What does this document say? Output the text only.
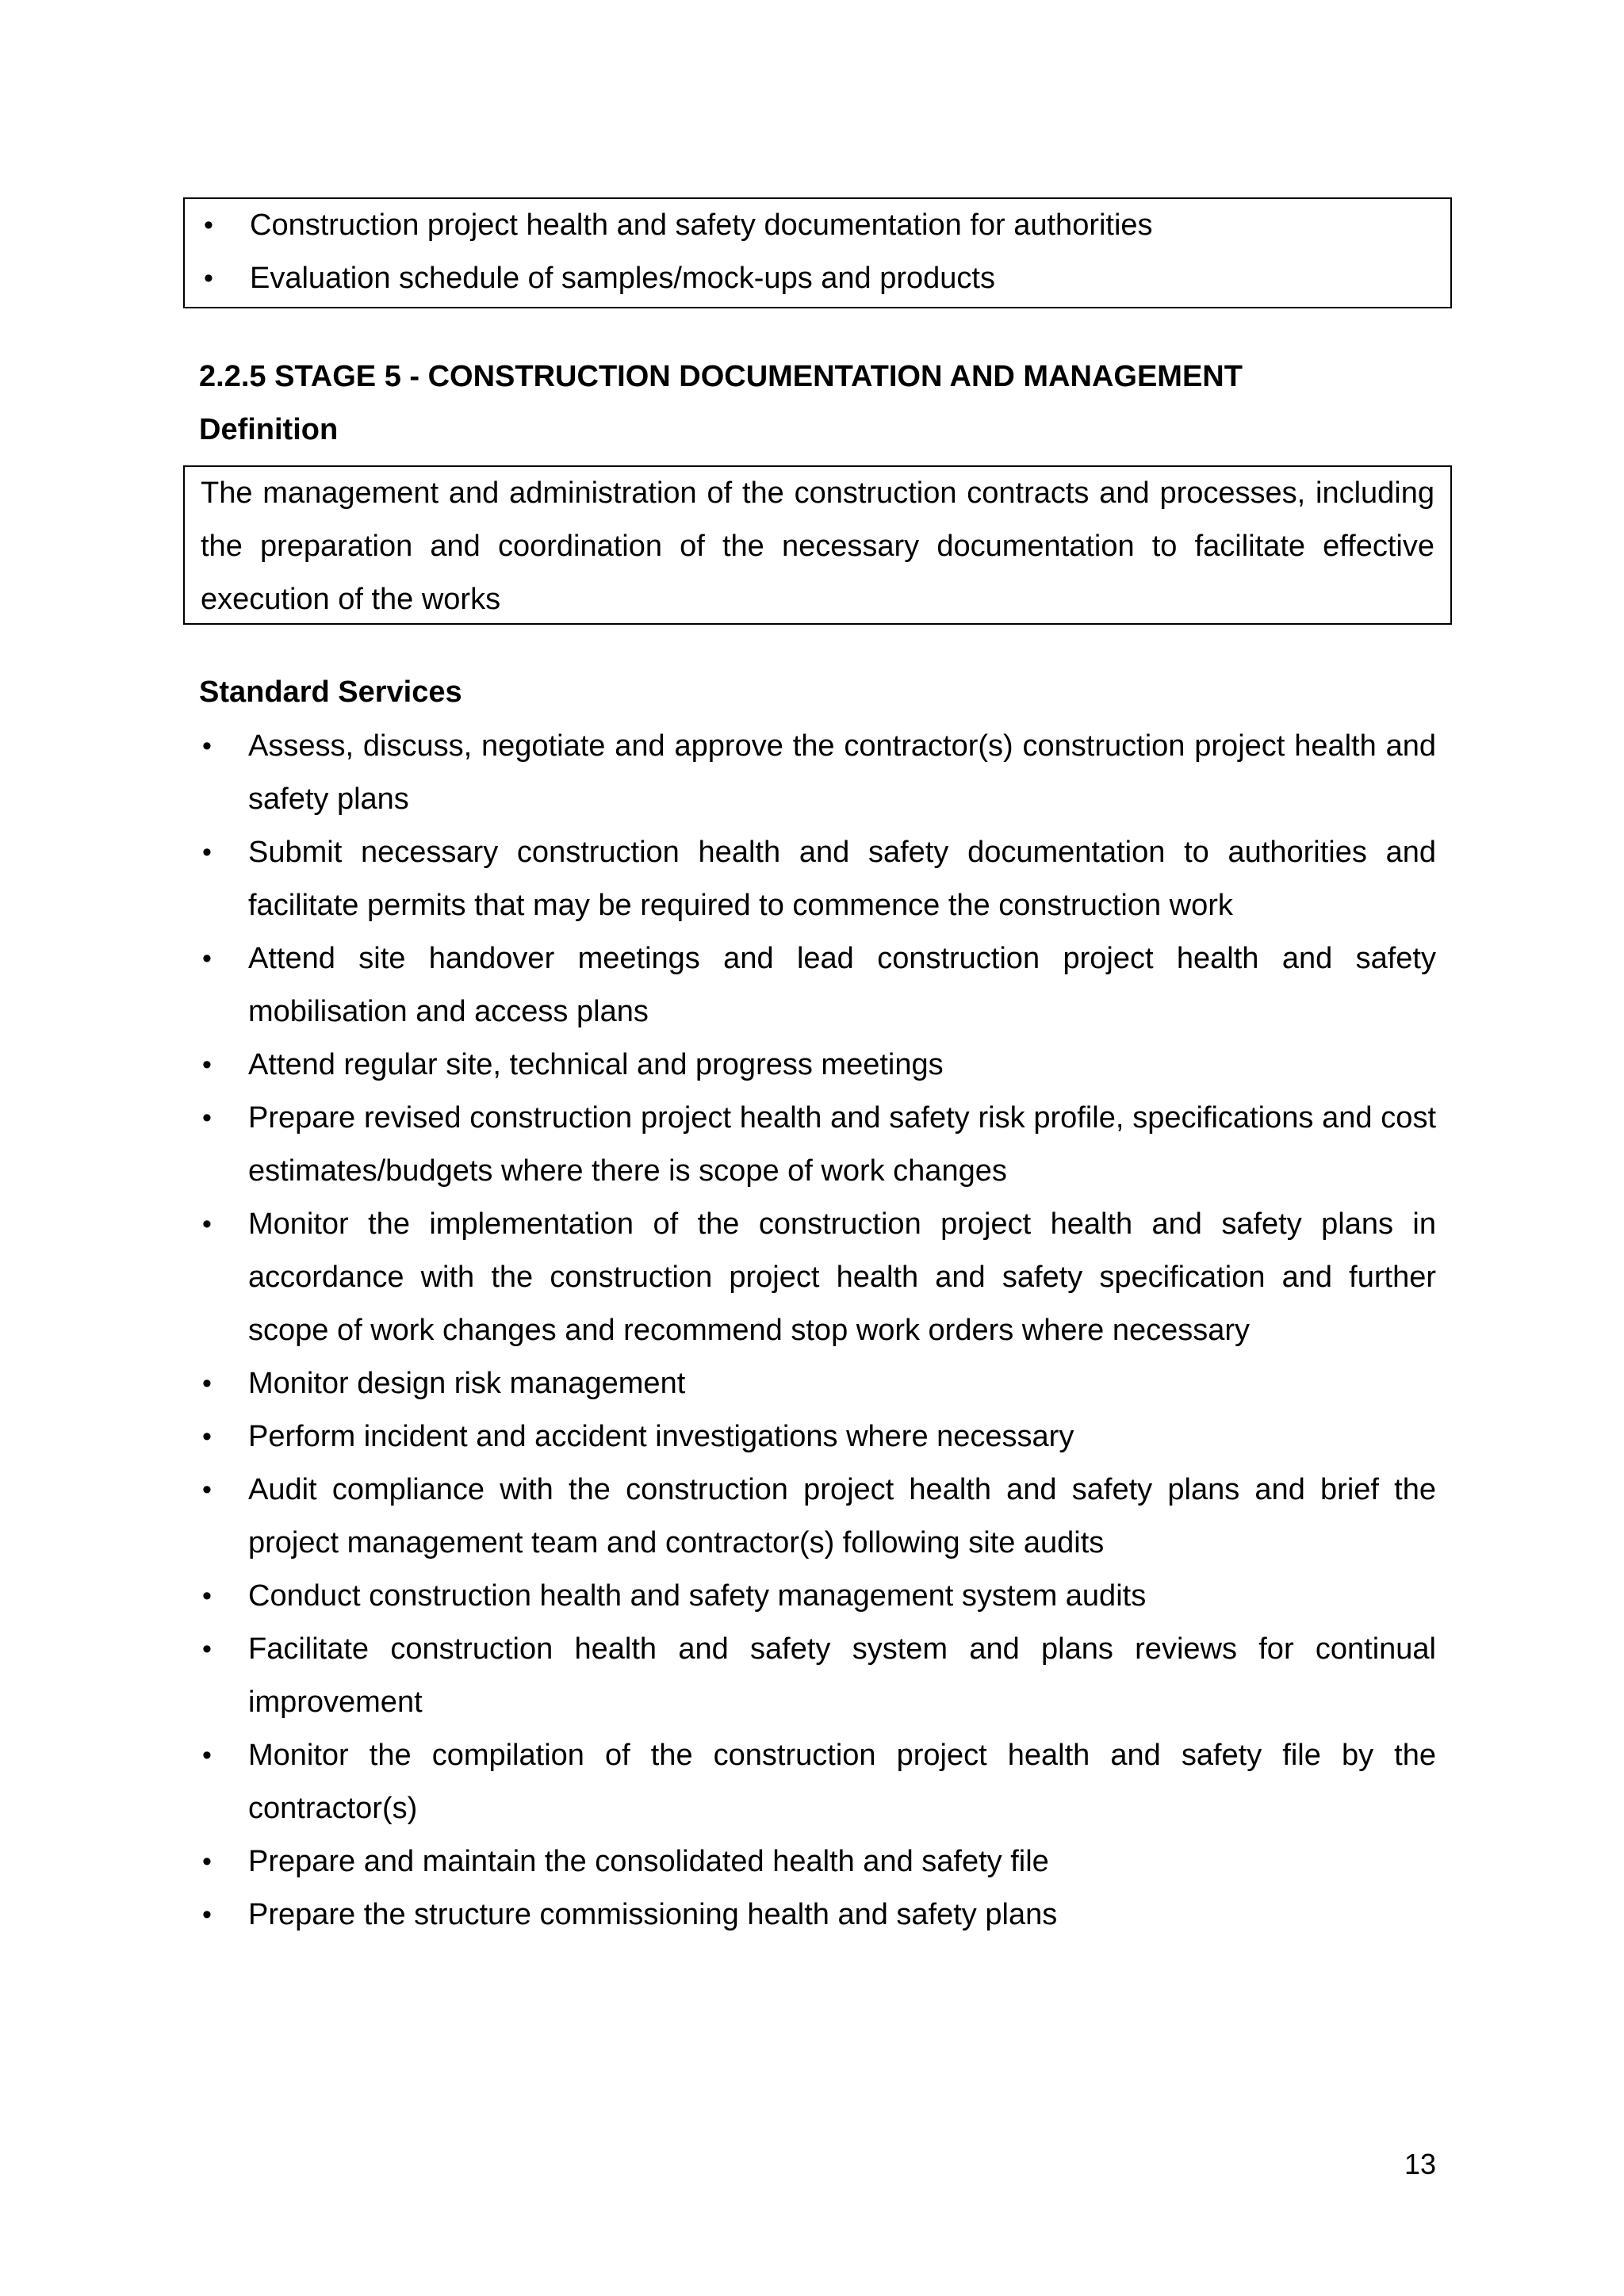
• Construction project health and safety documentation for authorities
• Evaluation schedule of samples/mock-ups and products
2.2.5 STAGE 5 - CONSTRUCTION DOCUMENTATION AND MANAGEMENT
Definition
The management and administration of the construction contracts and processes, including the preparation and coordination of the necessary documentation to facilitate effective execution of the works
Standard Services
• Assess, discuss, negotiate and approve the contractor(s) construction project health and safety plans
• Submit necessary construction health and safety documentation to authorities and facilitate permits that may be required to commence the construction work
• Attend site handover meetings and lead construction project health and safety mobilisation and access plans
• Attend regular site, technical and progress meetings
• Prepare revised construction project health and safety risk profile, specifications and cost estimates/budgets where there is scope of work changes
• Monitor the implementation of the construction project health and safety plans in accordance with the construction project health and safety specification and further scope of work changes and recommend stop work orders where necessary
• Monitor design risk management
• Perform incident and accident investigations where necessary
• Audit compliance with the construction project health and safety plans and brief the project management team and contractor(s) following site audits
• Conduct construction health and safety management system audits
• Facilitate construction health and safety system and plans reviews for continual improvement
• Monitor the compilation of the construction project health and safety file by the contractor(s)
• Prepare and maintain the consolidated health and safety file
• Prepare the structure commissioning health and safety plans
13
